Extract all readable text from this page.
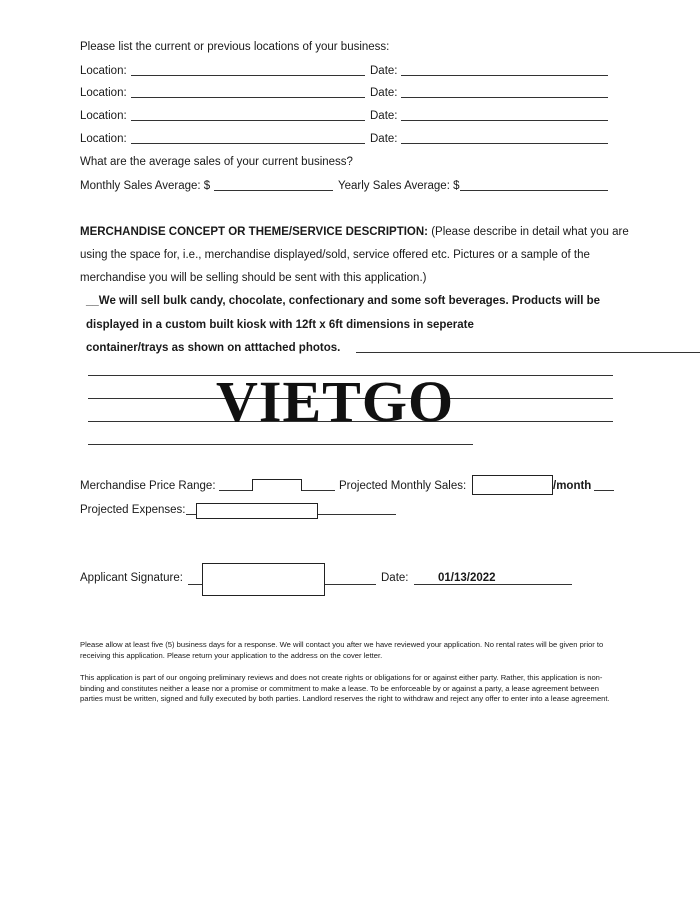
Please list the current or previous locations of your business:
Location:	Date:
Location:	Date:
Location:	Date:
Location:	Date:
What are the average sales of your current business?
Monthly Sales Average: $	Yearly Sales Average: $
MERCHANDISE CONCEPT OR THEME/SERVICE DESCRIPTION: (Please describe in detail what you are
using the space for, i.e., merchandise displayed/sold, service offered etc. Pictures or a sample of the
merchandise you will be selling should be sent with this application.)
__We will sell bulk candy, chocolate, confectionary and some soft beverages. Products will be
displayed in a custom built kiosk with 12ft x 6ft dimensions in seperate
container/trays as shown on atttached photos.
VIETGO
Merchandise Price Range:	Projected Monthly Sales:	/month
Projected Expenses:
Applicant Signature:	Date:	01/13/2022
Please allow at least five (5) business days for a response. We will contact you after we have reviewed your application. No rental rates will be given prior to receiving this application. Please return your application to the address on the cover letter.
This application is part of our ongoing preliminary reviews and does not create rights or obligations for or against either party. Rather, this application is non-binding and constitutes neither a lease nor a promise or commitment to make a lease. To be enforceable by or against a party, a lease agreement between parties must be written, signed and fully executed by both parties. Landlord reserves the right to withdraw and reject any offer to enter into a lease agreement.
